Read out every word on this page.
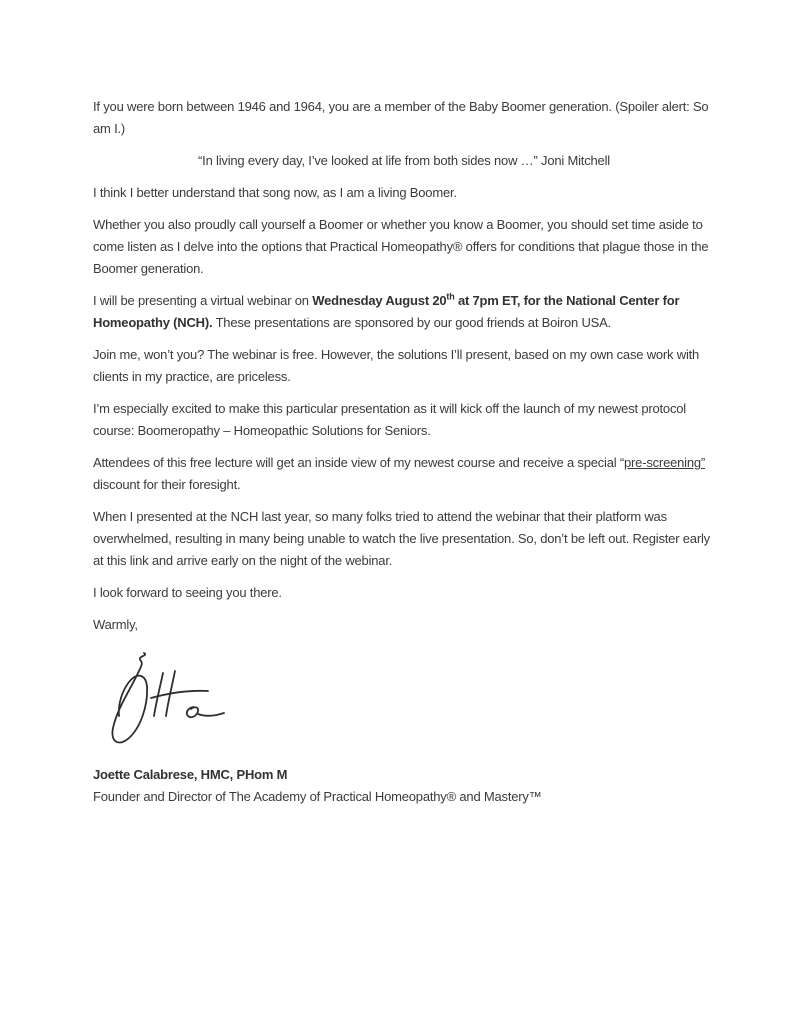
If you were born between 1946 and 1964, you are a member of the Baby Boomer generation. (Spoiler alert: So am I.)

“In living every day, I’ve looked at life from both sides now …” Joni Mitchell

I think I better understand that song now, as I am a living Boomer.

Whether you also proudly call yourself a Boomer or whether you know a Boomer, you should set time aside to come listen as I delve into the options that Practical Homeopathy® offers for conditions that plague those in the Boomer generation.

I will be presenting a virtual webinar on Wednesday August 20th at 7pm ET, for the National Center for Homeopathy (NCH). These presentations are sponsored by our good friends at Boiron USA.

Join me, won’t you? The webinar is free. However, the solutions I’ll present, based on my own case work with clients in my practice, are priceless.

I’m especially excited to make this particular presentation as it will kick off the launch of my newest protocol course: Boomeropathy – Homeopathic Solutions for Seniors.

Attendees of this free lecture will get an inside view of my newest course and receive a special “pre-screening” discount for their foresight.

When I presented at the NCH last year, so many folks tried to attend the webinar that their platform was overwhelmed, resulting in many being unable to watch the live presentation. So, don’t be left out. Register early at this link and arrive early on the night of the webinar.

I look forward to seeing you there.

Warmly,

Joette Calabrese, HMC, PHom M
Founder and Director of The Academy of Practical Homeopathy® and Mastery™
